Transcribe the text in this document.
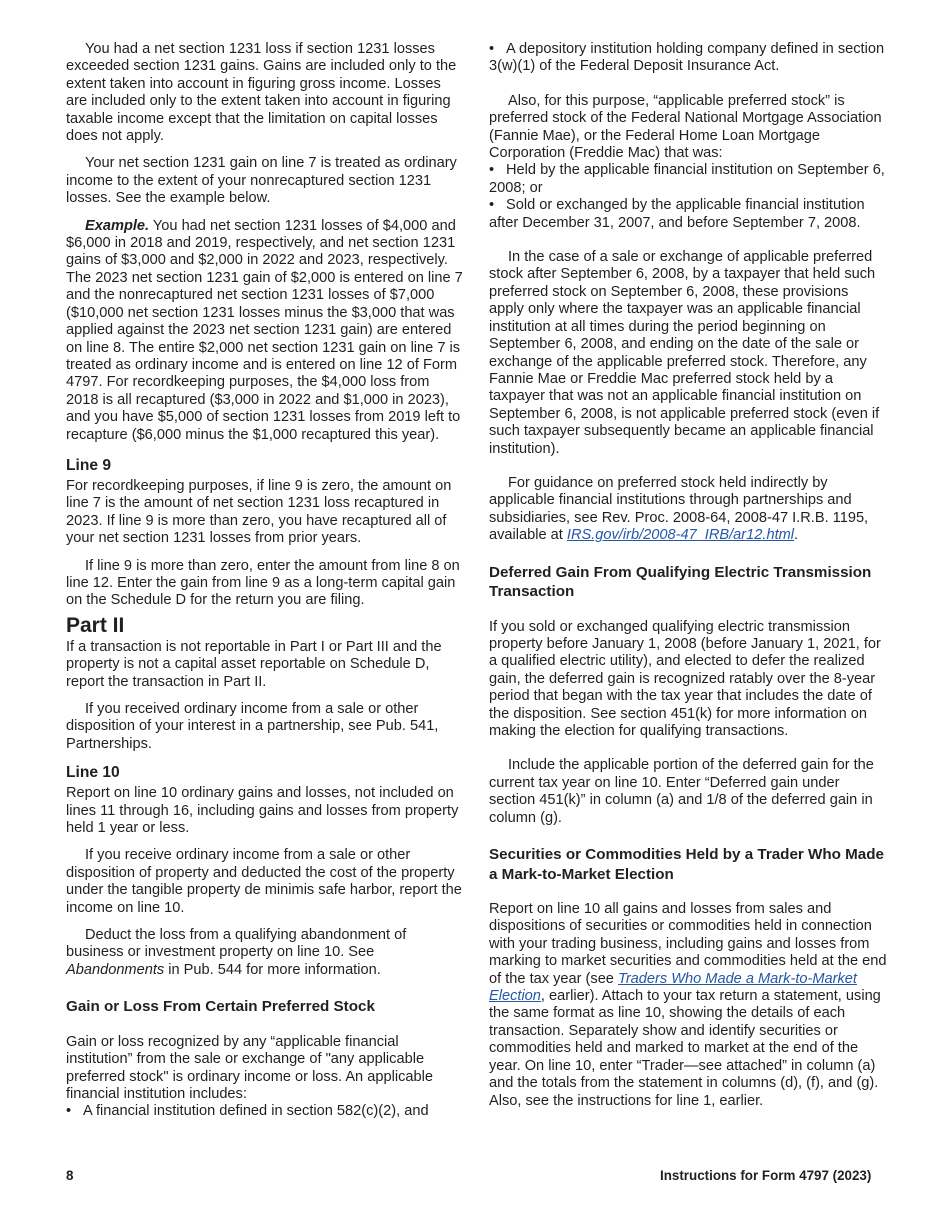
You had a net section 1231 loss if section 1231 losses exceeded section 1231 gains. Gains are included only to the extent taken into account in figuring gross income. Losses are included only to the extent taken into account in figuring taxable income except that the limitation on capital losses does not apply.

Your net section 1231 gain on line 7 is treated as ordinary income to the extent of your nonrecaptured section 1231 losses. See the example below.

Example. You had net section 1231 losses of $4,000 and $6,000 in 2018 and 2019, respectively, and net section 1231 gains of $3,000 and $2,000 in 2022 and 2023, respectively. The 2023 net section 1231 gain of $2,000 is entered on line 7 and the nonrecaptured net section 1231 losses of $7,000 ($10,000 net section 1231 losses minus the $3,000 that was applied against the 2023 net section 1231 gain) are entered on line 8. The entire $2,000 net section 1231 gain on line 7 is treated as ordinary income and is entered on line 12 of Form 4797. For recordkeeping purposes, the $4,000 loss from 2018 is all recaptured ($3,000 in 2022 and $1,000 in 2023), and you have $5,000 of section 1231 losses from 2019 left to recapture ($6,000 minus the $1,000 recaptured this year).

Line 9

For recordkeeping purposes, if line 9 is zero, the amount on line 7 is the amount of net section 1231 loss recaptured in 2023. If line 9 is more than zero, you have recaptured all of your net section 1231 losses from prior years.

If line 9 is more than zero, enter the amount from line 8 on line 12. Enter the gain from line 9 as a long-term capital gain on the Schedule D for the return you are filing.

Part II

If a transaction is not reportable in Part I or Part III and the property is not a capital asset reportable on Schedule D, report the transaction in Part II.

If you received ordinary income from a sale or other disposition of your interest in a partnership, see Pub. 541, Partnerships.

Line 10

Report on line 10 ordinary gains and losses, not included on lines 11 through 16, including gains and losses from property held 1 year or less.

If you receive ordinary income from a sale or other disposition of property and deducted the cost of the property under the tangible property de minimis safe harbor, report the income on line 10.

Deduct the loss from a qualifying abandonment of business or investment property on line 10. See Abandonments in Pub. 544 for more information.

Gain or Loss From Certain Preferred Stock

Gain or loss recognized by any “applicable financial institution” from the sale or exchange of "any applicable preferred stock" is ordinary income or loss. An applicable financial institution includes:

• A financial institution defined in section 582(c)(2), and

• A depository institution holding company defined in section 3(w)(1) of the Federal Deposit Insurance Act.

Also, for this purpose, “applicable preferred stock” is preferred stock of the Federal National Mortgage Association (Fannie Mae), or the Federal Home Loan Mortgage Corporation (Freddie Mac) that was:

• Held by the applicable financial institution on September 6, 2008; or

• Sold or exchanged by the applicable financial institution after December 31, 2007, and before September 7, 2008.

In the case of a sale or exchange of applicable preferred stock after September 6, 2008, by a taxpayer that held such preferred stock on September 6, 2008, these provisions apply only where the taxpayer was an applicable financial institution at all times during the period beginning on September 6, 2008, and ending on the date of the sale or exchange of the applicable preferred stock. Therefore, any Fannie Mae or Freddie Mac preferred stock held by a taxpayer that was not an applicable financial institution on September 6, 2008, is not applicable preferred stock (even if such taxpayer subsequently became an applicable financial institution).

For guidance on preferred stock held indirectly by applicable financial institutions through partnerships and subsidiaries, see Rev. Proc. 2008-64, 2008-47 I.R.B. 1195, available at IRS.gov/irb/2008-47_IRB/ar12.html.

Deferred Gain From Qualifying Electric Transmission Transaction

If you sold or exchanged qualifying electric transmission property before January 1, 2008 (before January 1, 2021, for a qualified electric utility), and elected to defer the realized gain, the deferred gain is recognized ratably over the 8-year period that began with the tax year that includes the date of the disposition. See section 451(k) for more information on making the election for qualifying transactions.

Include the applicable portion of the deferred gain for the current tax year on line 10. Enter “Deferred gain under section 451(k)” in column (a) and 1/8 of the deferred gain in column (g).

Securities or Commodities Held by a Trader Who Made a Mark-to-Market Election

Report on line 10 all gains and losses from sales and dispositions of securities or commodities held in connection with your trading business, including gains and losses from marking to market securities and commodities held at the end of the tax year (see Traders Who Made a Mark-to-Market Election, earlier). Attach to your tax return a statement, using the same format as line 10, showing the details of each transaction. Separately show and identify securities or commodities held and marked to market at the end of the year. On line 10, enter “Trader—see attached” in column (a) and the totals from the statement in columns (d), (f), and (g). Also, see the instructions for line 1, earlier.

8	Instructions for Form 4797 (2023)
